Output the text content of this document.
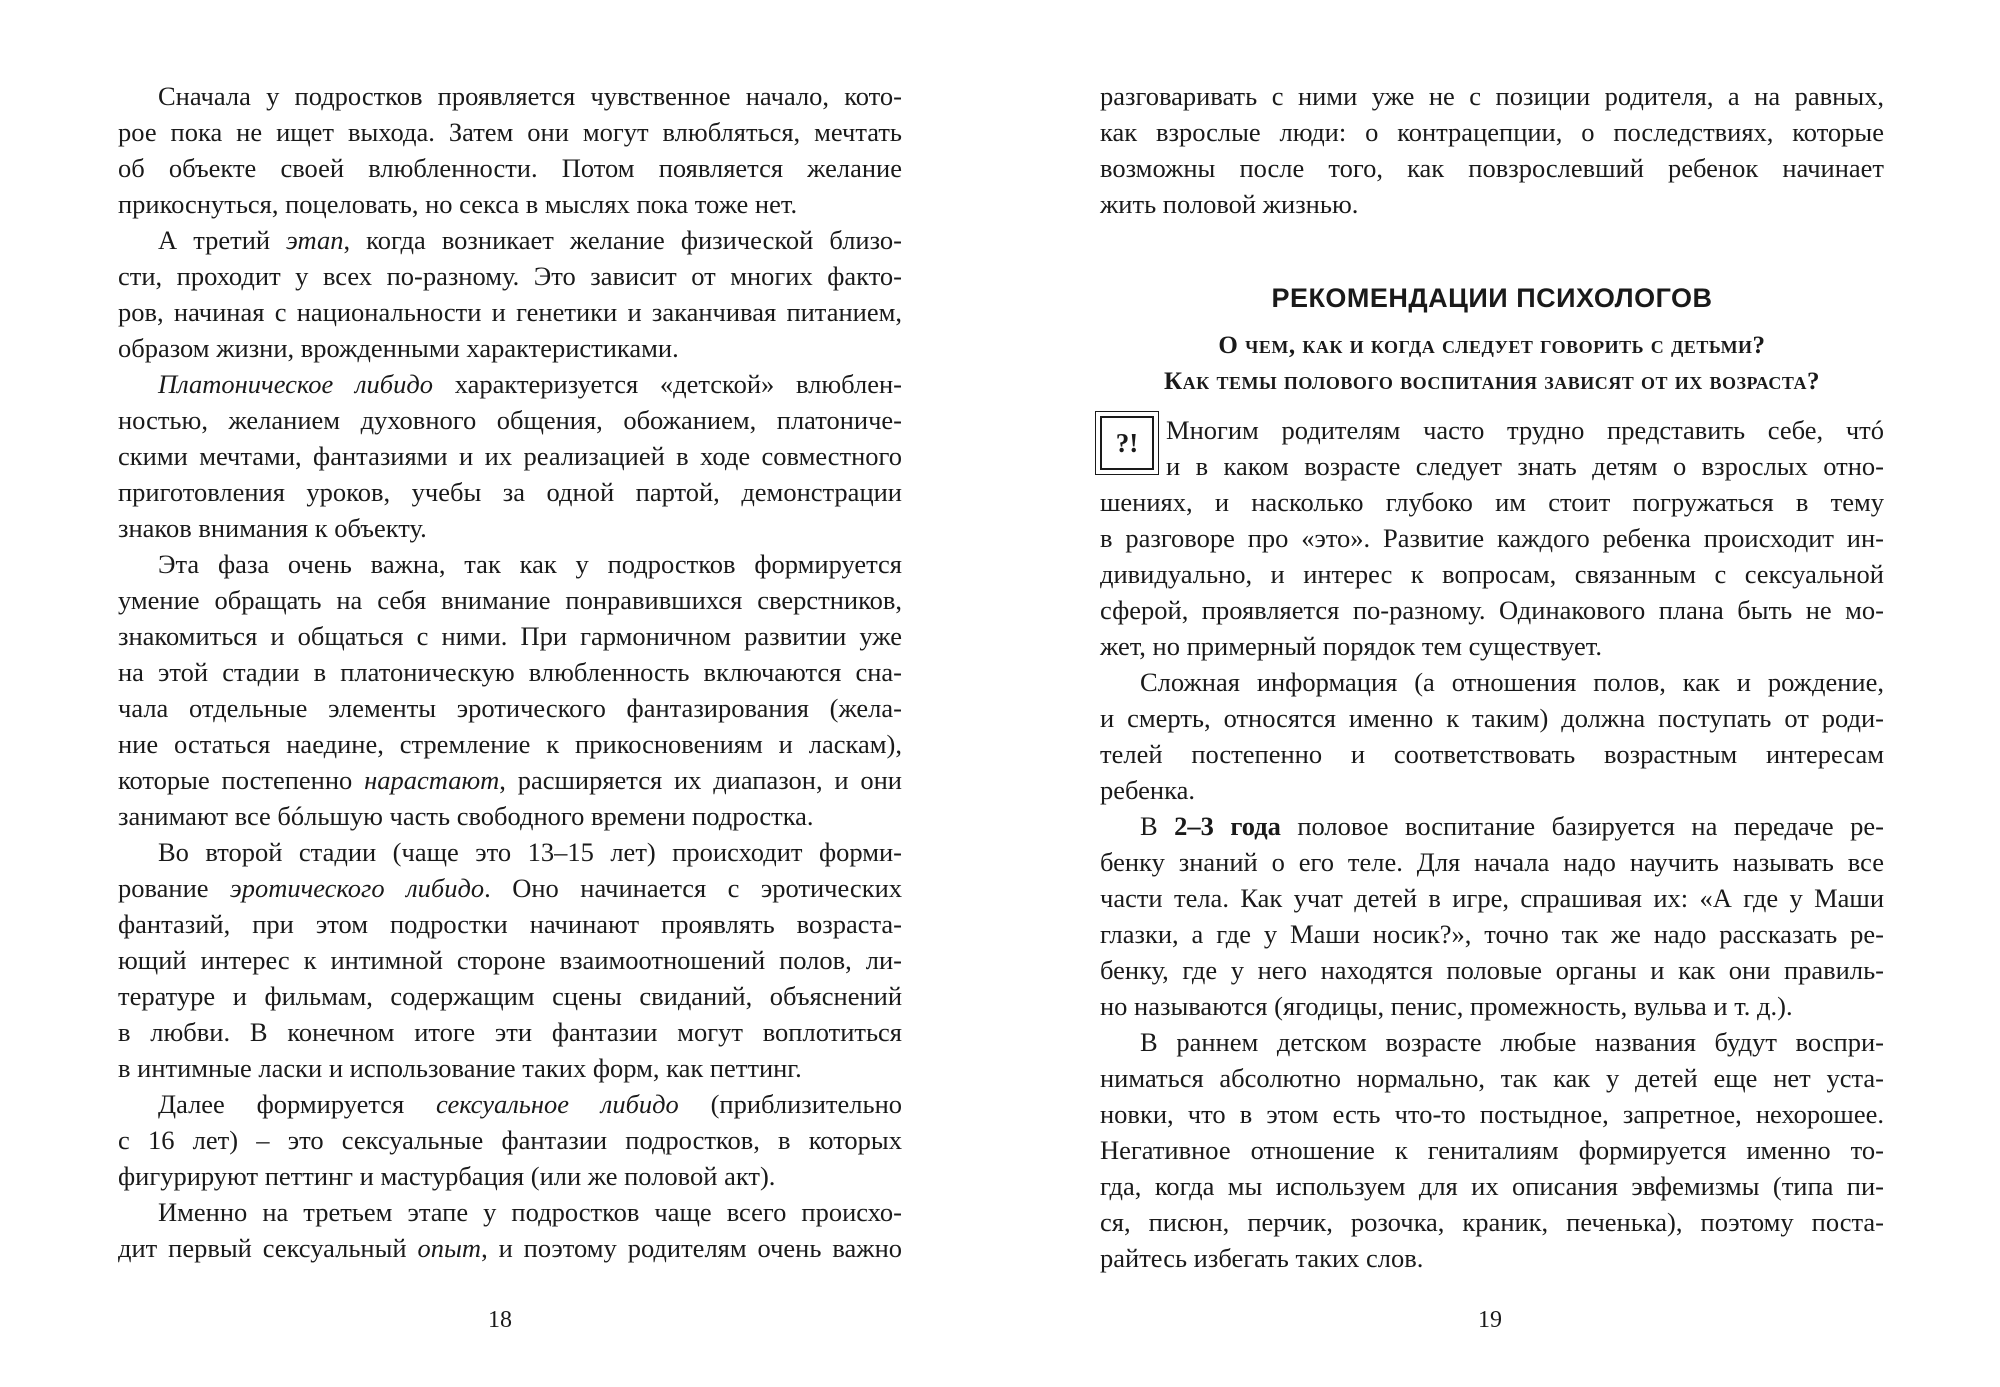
Сначала у подростков проявляется чувственное начало, кото-

рое пока не ищет выхода. Затем они могут влюбляться, мечтать

об объекте своей влюбленности. Потом появляется желание

прикоснуться, поцеловать, но секса в мыслях пока тоже нет.

А третий этап, когда возникает желание физической близо-

сти, проходит у всех по-разному. Это зависит от многих факто-

ров, начиная с национальности и генетики и заканчивая питанием,

образом жизни, врожденными характеристиками.

Платоническое либидо характеризуется «детской» влюблен-

ностью, желанием духовного общения, обожанием, платониче-

скими мечтами, фантазиями и их реализацией в ходе совместного

приготовления уроков, учебы за одной партой, демонстрации

знаков внимания к объекту.

Эта фаза очень важна, так как у подростков формируется

умение обращать на себя внимание понравившихся сверстников,

знакомиться и общаться с ними. При гармоничном развитии уже

на этой стадии в платоническую влюбленность включаются сна-

чала отдельные элементы эротического фантазирования (жела-

ние остаться наедине, стремление к прикосновениям и ласкам),

которые постепенно нарастают, расширяется их диапазон, и они

занимают все бóльшую часть свободного времени подростка.

Во второй стадии (чаще это 13–15 лет) происходит форми-

рование эротического либидо. Оно начинается с эротических

фантазий, при этом подростки начинают проявлять возраста-

ющий интерес к интимной стороне взаимоотношений полов, ли-

тературе и фильмам, содержащим сцены свиданий, объяснений

в любви. В конечном итоге эти фантазии могут воплотиться

в интимные ласки и использование таких форм, как петтинг.

Далее формируется сексуальное либидо (приблизительно

с 16 лет) – это сексуальные фантазии подростков, в которых

фигурируют петтинг и мастурбация (или же половой акт).

Именно на третьем этапе у подростков чаще всего происхо-

дит первый сексуальный опыт, и поэтому родителям очень важно

18

разговаривать с ними уже не с позиции родителя, а на равных,

как взрослые люди: о контрацепции, о последствиях, которые

возможны после того, как повзрослевший ребенок начинает

жить половой жизнью.

РЕКОМЕНДАЦИИ ПСИХОЛОГОВ
О чем, как и когда следует говорить с детьми?
Как темы полового воспитания зависят от их возраста?
?!	Многим родителям часто трудно представить себе, чтó

и в каком возрасте следует знать детям о взрослых отно-

шениях, и насколько глубоко им стоит погружаться в тему

в разговоре про «это». Развитие каждого ребенка происходит ин-

дивидуально, и интерес к вопросам, связанным с сексуальной

сферой, проявляется по-разному. Одинакового плана быть не мо-

жет, но примерный порядок тем существует.

Сложная информация (а отношения полов, как и рождение,

и смерть, относятся именно к таким) должна поступать от роди-

телей постепенно и соответствовать возрастным интересам

ребенка.

В 2–3 года половое воспитание базируется на передаче ре-

бенку знаний о его теле. Для начала надо научить называть все

части тела. Как учат детей в игре, спрашивая их: «А где у Маши

глазки, а где у Маши носик?», точно так же надо рассказать ре-

бенку, где у него находятся половые органы и как они правиль-

но называются (ягодицы, пенис, промежность, вульва и т. д.).

В раннем детском возрасте любые названия будут воспри-

ниматься абсолютно нормально, так как у детей еще нет уста-

новки, что в этом есть что-то постыдное, запретное, нехорошее.

Негативное отношение к гениталиям формируется именно то-

гда, когда мы используем для их описания эвфемизмы (типа пи-

ся, писюн, перчик, розочка, краник, печенька), поэтому поста-

райтесь избегать таких слов.

19
